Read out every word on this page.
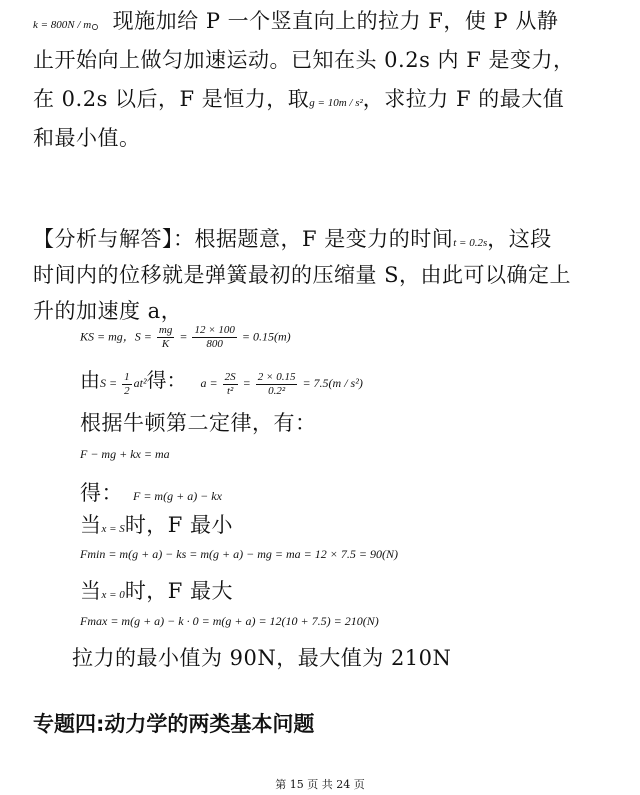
k = 800N / m。现施加给 P 一个竖直向上的拉力 F，使 P 从静
止开始向上做匀加速运动。已知在头 0.2s 内 F 是变力，
在 0.2s 以后，F 是恒力，取g = 10m / s²，求拉力 F 的最大值
和最小值。
【分析与解答】：根据题意，F 是变力的时间t = 0.2s，这段
时间内的位移就是弹簧最初的压缩量 S，由此可以确定上
升的加速度 a，
KS = mg，$S = \frac{mg}{K} = \frac{12 \times 100}{800} = 0.15(m)$
由$S = \frac{1}{2} at^2$得： $a = \frac{2S}{\text{t²}} = \frac{2 \times 0.15}{\text{0.2²}} = 7.5(m / s^2)$
根据牛顿第二定律，有：
F − mg + kx = ma
得： F = m(g + a) − kx
当x = S时，F 最小
Fmin = m(g + a) − ks = m(g + a) − mg = ma = 12 × 7.5 = 90(N)
当x = 0时，F 最大
Fmax = m(g + a) − k · 0 = m(g + a) = 12(10 + 7.5) = 210(N)
拉力的最小值为 90N，最大值为 210N
专题四:动力学的两类基本问题
第 15 页 共 24 页
